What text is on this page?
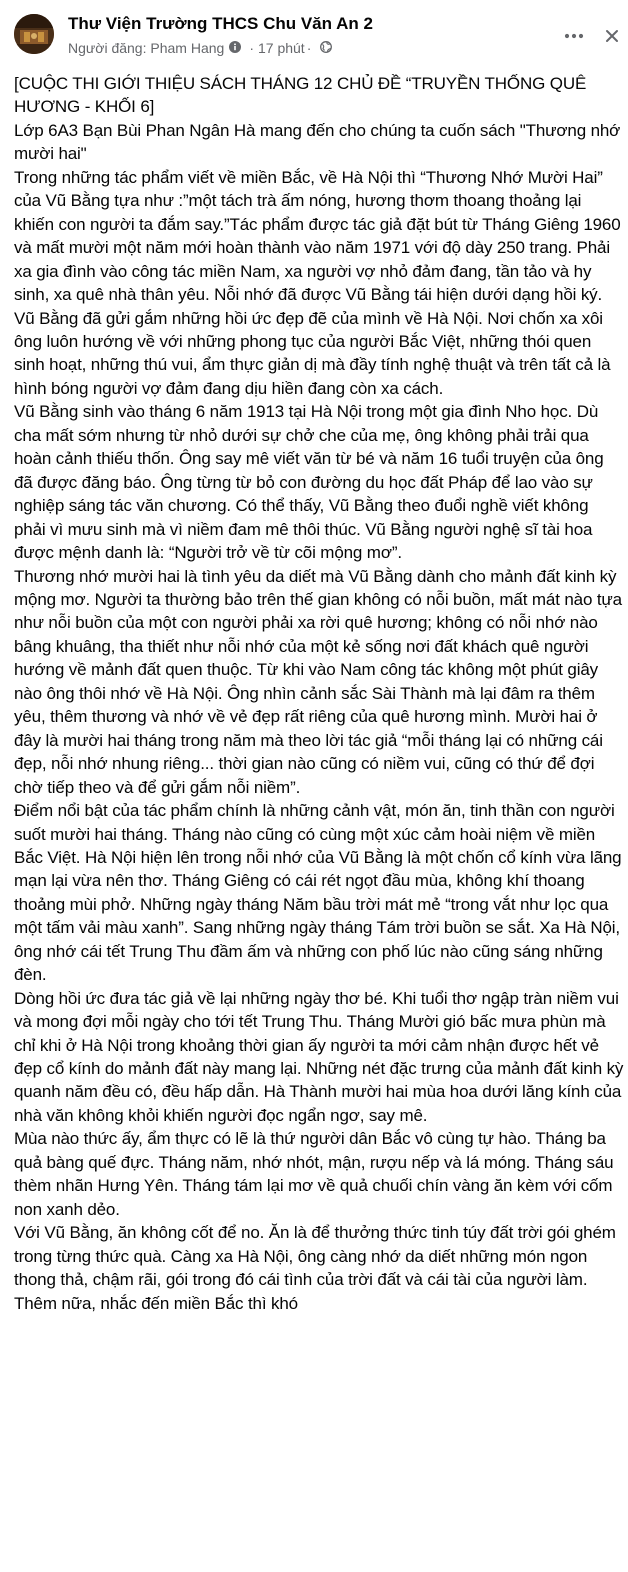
Thư Viện Trường THCS Chu Văn An 2
Người đăng:
Pham Hang · 17 phút ·

[CUỘC THI GIỚI THIỆU SÁCH THÁNG 12 CHỦ ĐỀ “TRUYỀN THỐNG QUÊ HƯƠNG - KHỐI 6]

Lớp 6A3 Bạn Bùi Phan Ngân Hà mang đến cho chúng ta cuốn sách "Thương nhớ mười hai"

Trong những tác phẩm viết về miền Bắc, về Hà Nội thì “Thương Nhớ Mười Hai” của Vũ Bằng tựa như :”một tách trà ấm nóng, hương thơm thoang thoảng lại khiến con người ta đắm say.”Tác phẩm được tác giả đặt bút từ Tháng Giêng 1960 và mất mười một năm mới hoàn thành vào năm 1971 với độ dày 250 trang. Phải xa gia đình vào công tác miền Nam, xa người vợ nhỏ đảm đang, tần tảo và hy sinh, xa quê nhà thân yêu. Nỗi nhớ đã được Vũ Bằng tái hiện dưới dạng hồi ký. Vũ Bằng đã gửi gắm những hồi ức đẹp đẽ của mình về Hà Nội. Nơi chốn xa xôi ông luôn hướng về với những phong tục của người Bắc Việt, những thói quen sinh hoạt, những thú vui, ẩm thực giản dị mà đầy tính nghệ thuật và trên tất cả là hình bóng người vợ đảm đang dịu hiền đang còn xa cách.

Vũ Bằng sinh vào tháng 6 năm 1913 tại Hà Nội trong một gia đình Nho học. Dù cha mất sớm nhưng từ nhỏ dưới sự chở che của mẹ, ông không phải trải qua hoàn cảnh thiếu thốn. Ông say mê viết văn từ bé và năm 16 tuổi truyện của ông đã được đăng báo. Ông từng từ bỏ con đường du học đất Pháp để lao vào sự nghiệp sáng tác văn chương. Có thể thấy, Vũ Bằng theo đuổi nghề viết không phải vì mưu sinh mà vì niềm đam mê thôi thúc. Vũ Bằng người nghệ sĩ tài hoa được mệnh danh là: “Người trở về từ cõi mộng mơ”.

Thương nhớ mười hai là tình yêu da diết mà Vũ Bằng dành cho mảnh đất kinh kỳ mộng mơ. Người ta thường bảo trên thế gian không có nỗi buồn, mất mát nào tựa như nỗi buồn của một con người phải xa rời quê hương; không có nỗi nhớ nào bâng khuâng, tha thiết như nỗi nhớ của một kẻ sống nơi đất khách quê người hướng về mảnh đất quen thuộc. Từ khi vào Nam công tác không một phút giây nào ông thôi nhớ về Hà Nội. Ông nhìn cảnh sắc Sài Thành mà lại đâm ra thêm yêu, thêm thương và nhớ về vẻ đẹp rất riêng của quê hương mình. Mười hai ở đây là mười hai tháng trong năm mà theo lời tác giả “mỗi tháng lại có những cái đẹp, nỗi nhớ nhung riêng... thời gian nào cũng có niềm vui, cũng có thứ để đợi chờ tiếp theo và để gửi gắm nỗi niềm”.

Điểm nổi bật của tác phẩm chính là những cảnh vật, món ăn, tinh thần con người suốt mười hai tháng. Tháng nào cũng có cùng một xúc cảm hoài niệm về miền Bắc Việt. Hà Nội hiện lên trong nỗi nhớ của Vũ Bằng là một chốn cổ kính vừa lãng mạn lại vừa nên thơ. Tháng Giêng có cái rét ngọt đầu mùa, không khí thoang thoảng mùi phở. Những ngày tháng Năm bầu trời mát mẻ “trong vắt như lọc qua một tấm vải màu xanh”. Sang những ngày tháng Tám trời buồn se sắt. Xa Hà Nội, ông nhớ cái tết Trung Thu đầm ấm và những con phố lúc nào cũng sáng những đèn.

Dòng hồi ức đưa tác giả về lại những ngày thơ bé. Khi tuổi thơ ngập tràn niềm vui và mong đợi mỗi ngày cho tới tết Trung Thu. Tháng Mười gió bấc mưa phùn mà chỉ khi ở Hà Nội trong khoảng thời gian ấy người ta mới cảm nhận được hết vẻ đẹp cổ kính do mảnh đất này mang lại. Những nét đặc trưng của mảnh đất kinh kỳ quanh năm đều có, đều hấp dẫn. Hà Thành mười hai mùa hoa dưới lăng kính của nhà văn không khỏi khiến người đọc ngẩn ngơ, say mê.

Mùa nào thức ấy, ẩm thực có lẽ là thứ người dân Bắc vô cùng tự hào. Tháng ba quả bàng quế đực. Tháng năm, nhớ nhót, mận, rượu nếp và lá móng. Tháng sáu thèm nhãn Hưng Yên. Tháng tám lại mơ về quả chuối chín vàng ăn kèm với cốm non xanh dẻo.

Với Vũ Bằng, ăn không cốt để no. Ăn là để thưởng thức tinh túy đất trời gói ghém trong từng thức quà. Càng xa Hà Nội, ông càng nhớ da diết những món ngon thong thả, chậm rãi, gói trong đó cái tình của trời đất và cái tài của người làm. Thêm nữa, nhắc đến miền Bắc thì khó
